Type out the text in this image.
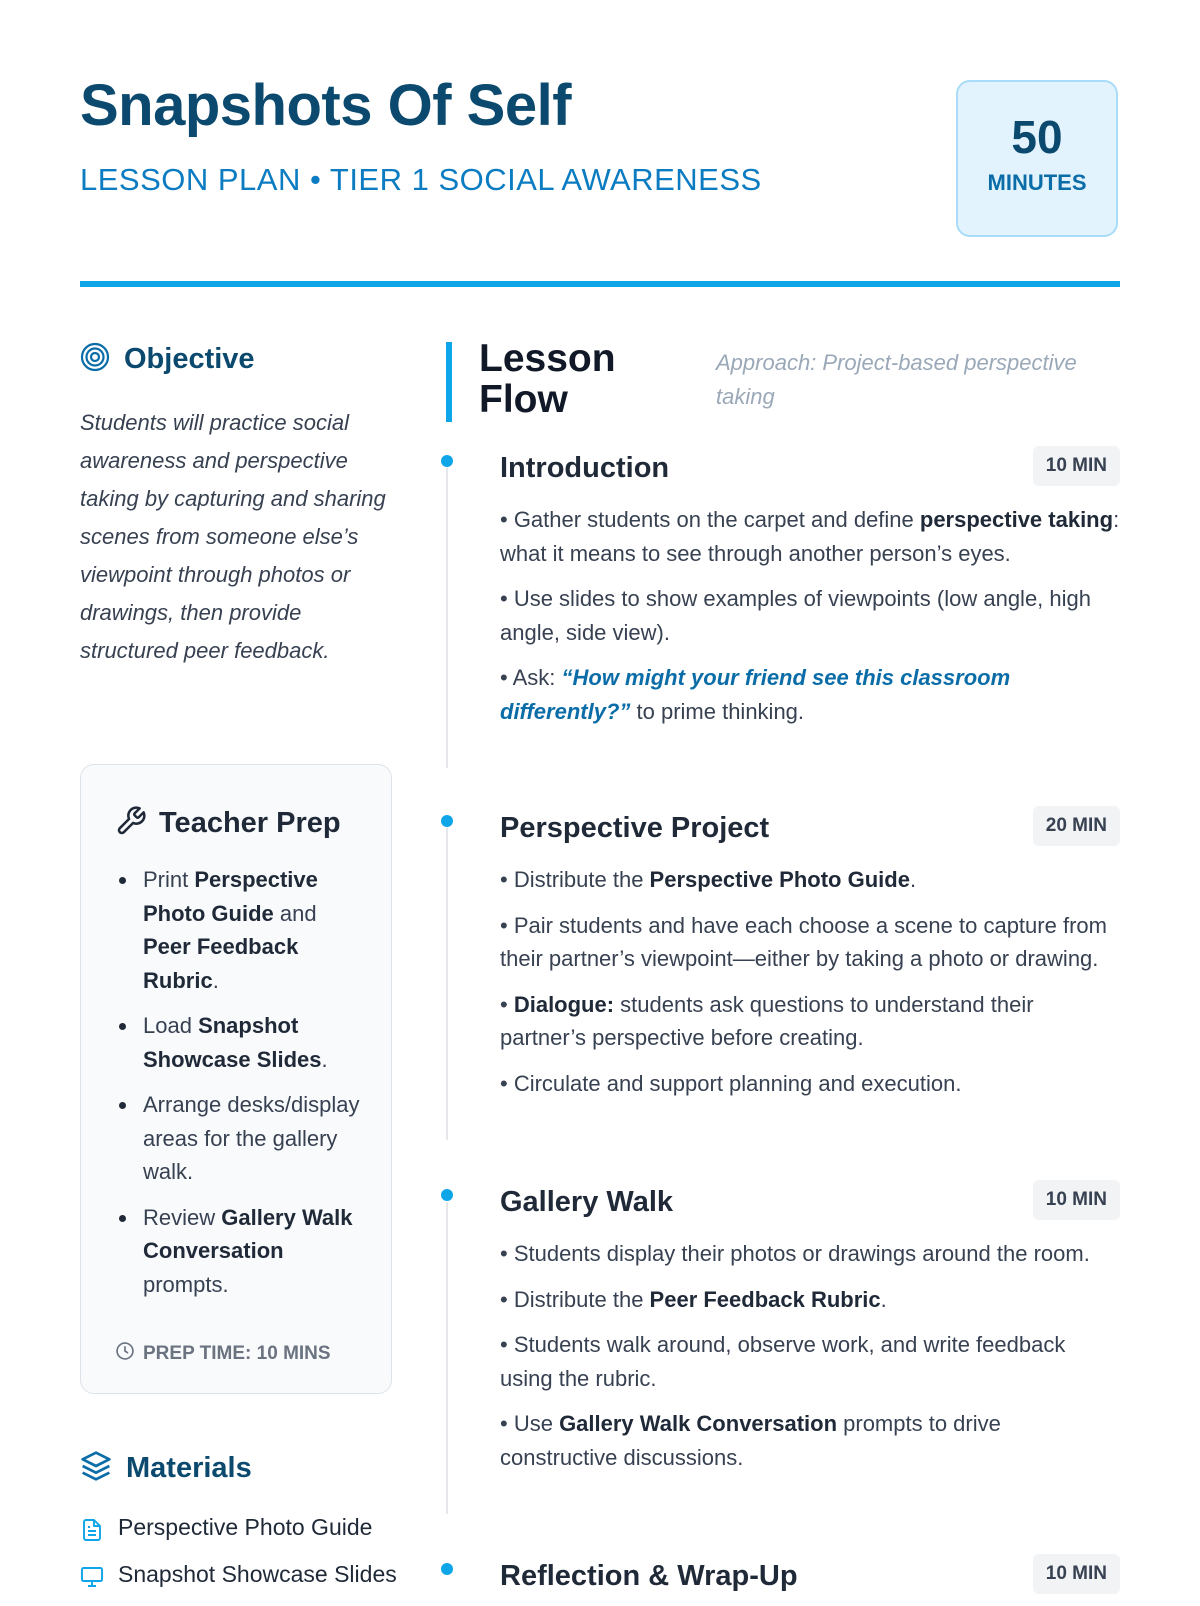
Snapshots Of Self
LESSON PLAN • TIER 1 SOCIAL AWARENESS
50
MINUTES
Objective

Students will practice social awareness and perspective taking by capturing and sharing scenes from someone else’s viewpoint through photos or drawings, then provide structured peer feedback.

Teacher Prep
Print Perspective Photo Guide and Peer Feedback Rubric.
Load Snapshot Showcase Slides.
Arrange desks/display areas for the gallery walk.
Review Gallery Walk Conversation prompts.
PREP TIME: 10 MINS
Materials
Perspective Photo Guide
Snapshot Showcase Slides
Lesson Flow
Approach: Project-based perspective taking
Introduction	10 MIN
• Gather students on the carpet and define perspective taking: what it means to see through another person’s eyes.
• Use slides to show examples of viewpoints (low angle, high angle, side view).
• Ask: “How might your friend see this classroom differently?” to prime thinking.
Perspective Project	20 MIN
• Distribute the Perspective Photo Guide.
• Pair students and have each choose a scene to capture from their partner’s viewpoint—either by taking a photo or drawing.
• Dialogue: students ask questions to understand their partner’s perspective before creating.
• Circulate and support planning and execution.
Gallery Walk	10 MIN
• Students display their photos or drawings around the room.
• Distribute the Peer Feedback Rubric.
• Students walk around, observe work, and write feedback using the rubric.
• Use Gallery Walk Conversation prompts to drive constructive discussions.
Reflection & Wrap-Up	10 MIN
